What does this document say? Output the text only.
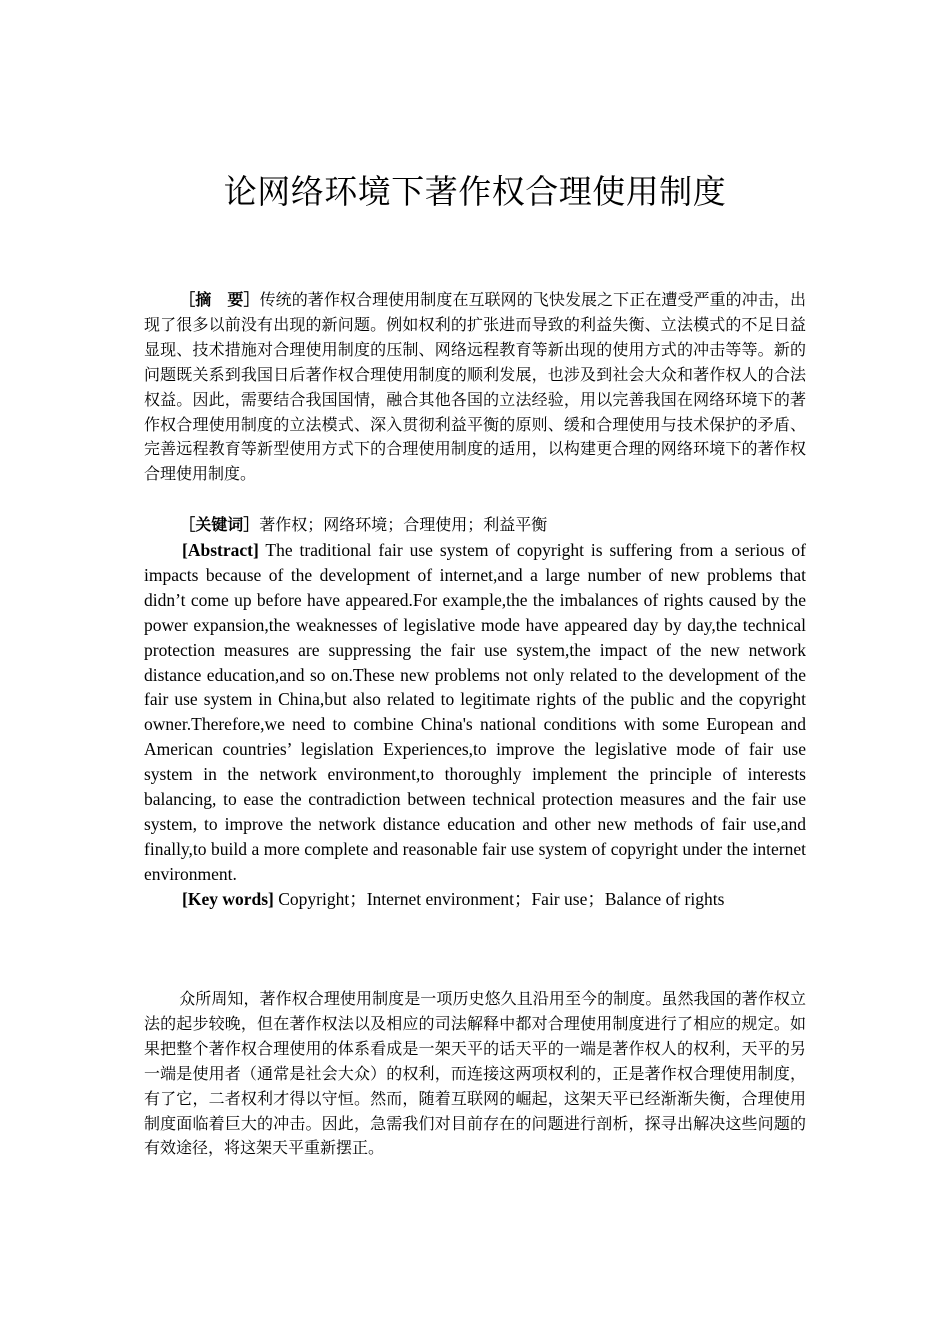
论网络环境下著作权合理使用制度

［摘　要］传统的著作权合理使用制度在互联网的飞快发展之下正在遭受严重的冲击，出现了很多以前没有出现的新问题。例如权利的扩张进而导致的利益失衡、立法模式的不足日益显现、技术措施对合理使用制度的压制、网络远程教育等新出现的使用方式的冲击等等。新的问题既关系到我国日后著作权合理使用制度的顺利发展，也涉及到社会大众和著作权人的合法权益。因此，需要结合我国国情，融合其他各国的立法经验，用以完善我国在网络环境下的著作权合理使用制度的立法模式、深入贯彻利益平衡的原则、缓和合理使用与技术保护的矛盾、完善远程教育等新型使用方式下的合理使用制度的适用，以构建更合理的网络环境下的著作权合理使用制度。

［关键词］著作权；网络环境；合理使用；利益平衡

[Abstract] The traditional fair use system of copyright is suffering from a serious of impacts because of the development of internet,and a large number of new problems that didn’t come up before have appeared.For example,the the imbalances of rights caused by the power expansion,the weaknesses of legislative mode have appeared day by day,the technical protection measures are suppressing the fair use system,the impact of the new network distance education,and so on.These new problems not only related to the development of the fair use system in China,but also related to legitimate rights of the public and the copyright owner.Therefore,we need to combine China's national conditions with some European and American countries’ legislation Experiences,to improve the legislative mode of fair use system in the network environment,to thoroughly implement the principle of interests balancing, to ease the contradiction between technical protection measures and the fair use system, to improve the network distance education and other new methods of fair use,and finally,to build a more complete and reasonable fair use system of copyright under the internet environment.

[Key words] Copyright；Internet environment；Fair use；Balance of rights

众所周知，著作权合理使用制度是一项历史悠久且沿用至今的制度。虽然我国的著作权立法的起步较晚，但在著作权法以及相应的司法解释中都对合理使用制度进行了相应的规定。如果把整个著作权合理使用的体系看成是一架天平的话天平的一端是著作权人的权利，天平的另一端是使用者（通常是社会大众）的权利，而连接这两项权利的，正是著作权合理使用制度，有了它，二者权利才得以守恒。然而，随着互联网的崛起，这架天平已经渐渐失衡，合理使用制度面临着巨大的冲击。因此，急需我们对目前存在的问题进行剖析，探寻出解决这些问题的有效途径，将这架天平重新摆正。
